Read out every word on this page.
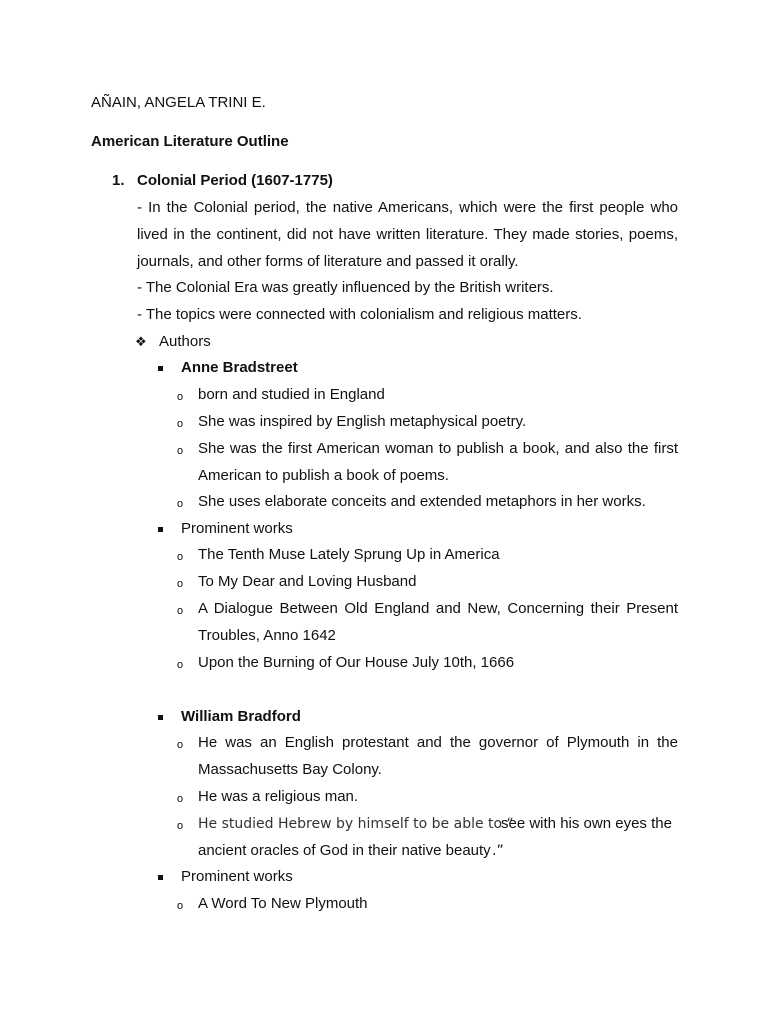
AÑAIN, ANGELA TRINI E.
American Literature Outline
1. Colonial Period (1607-1775)
- In the Colonial period, the native Americans, which were the first people who
lived in the continent, did not have written literature. They made stories, poems,
journals, and other forms of literature and passed it orally.
- The Colonial Era was greatly influenced by the British writers.
- The topics were connected with colonialism and religious matters.
❖ Authors
Anne Bradstreet
o born and studied in England
o She was inspired by English metaphysical poetry.
o She was the first American woman to publish a book, and also the first
American to publish a book of poems.
o She uses elaborate conceits and extended metaphors in her works.
Prominent works
o The Tenth Muse Lately Sprung Up in America
o To My Dear and Loving Husband
o A Dialogue Between Old England and New, Concerning their Present
Troubles, Anno 1642
o Upon the Burning of Our House July 10th, 1666
William Bradford
o He was an English protestant and the governor of Plymouth in the
Massachusetts Bay Colony.
o He was a religious man.
o He studied Hebrew by himself to be able to “
see with his own eyes the
ancient oracles of God in their native beauty .”
Prominent works
o A Word To New Plymouth
